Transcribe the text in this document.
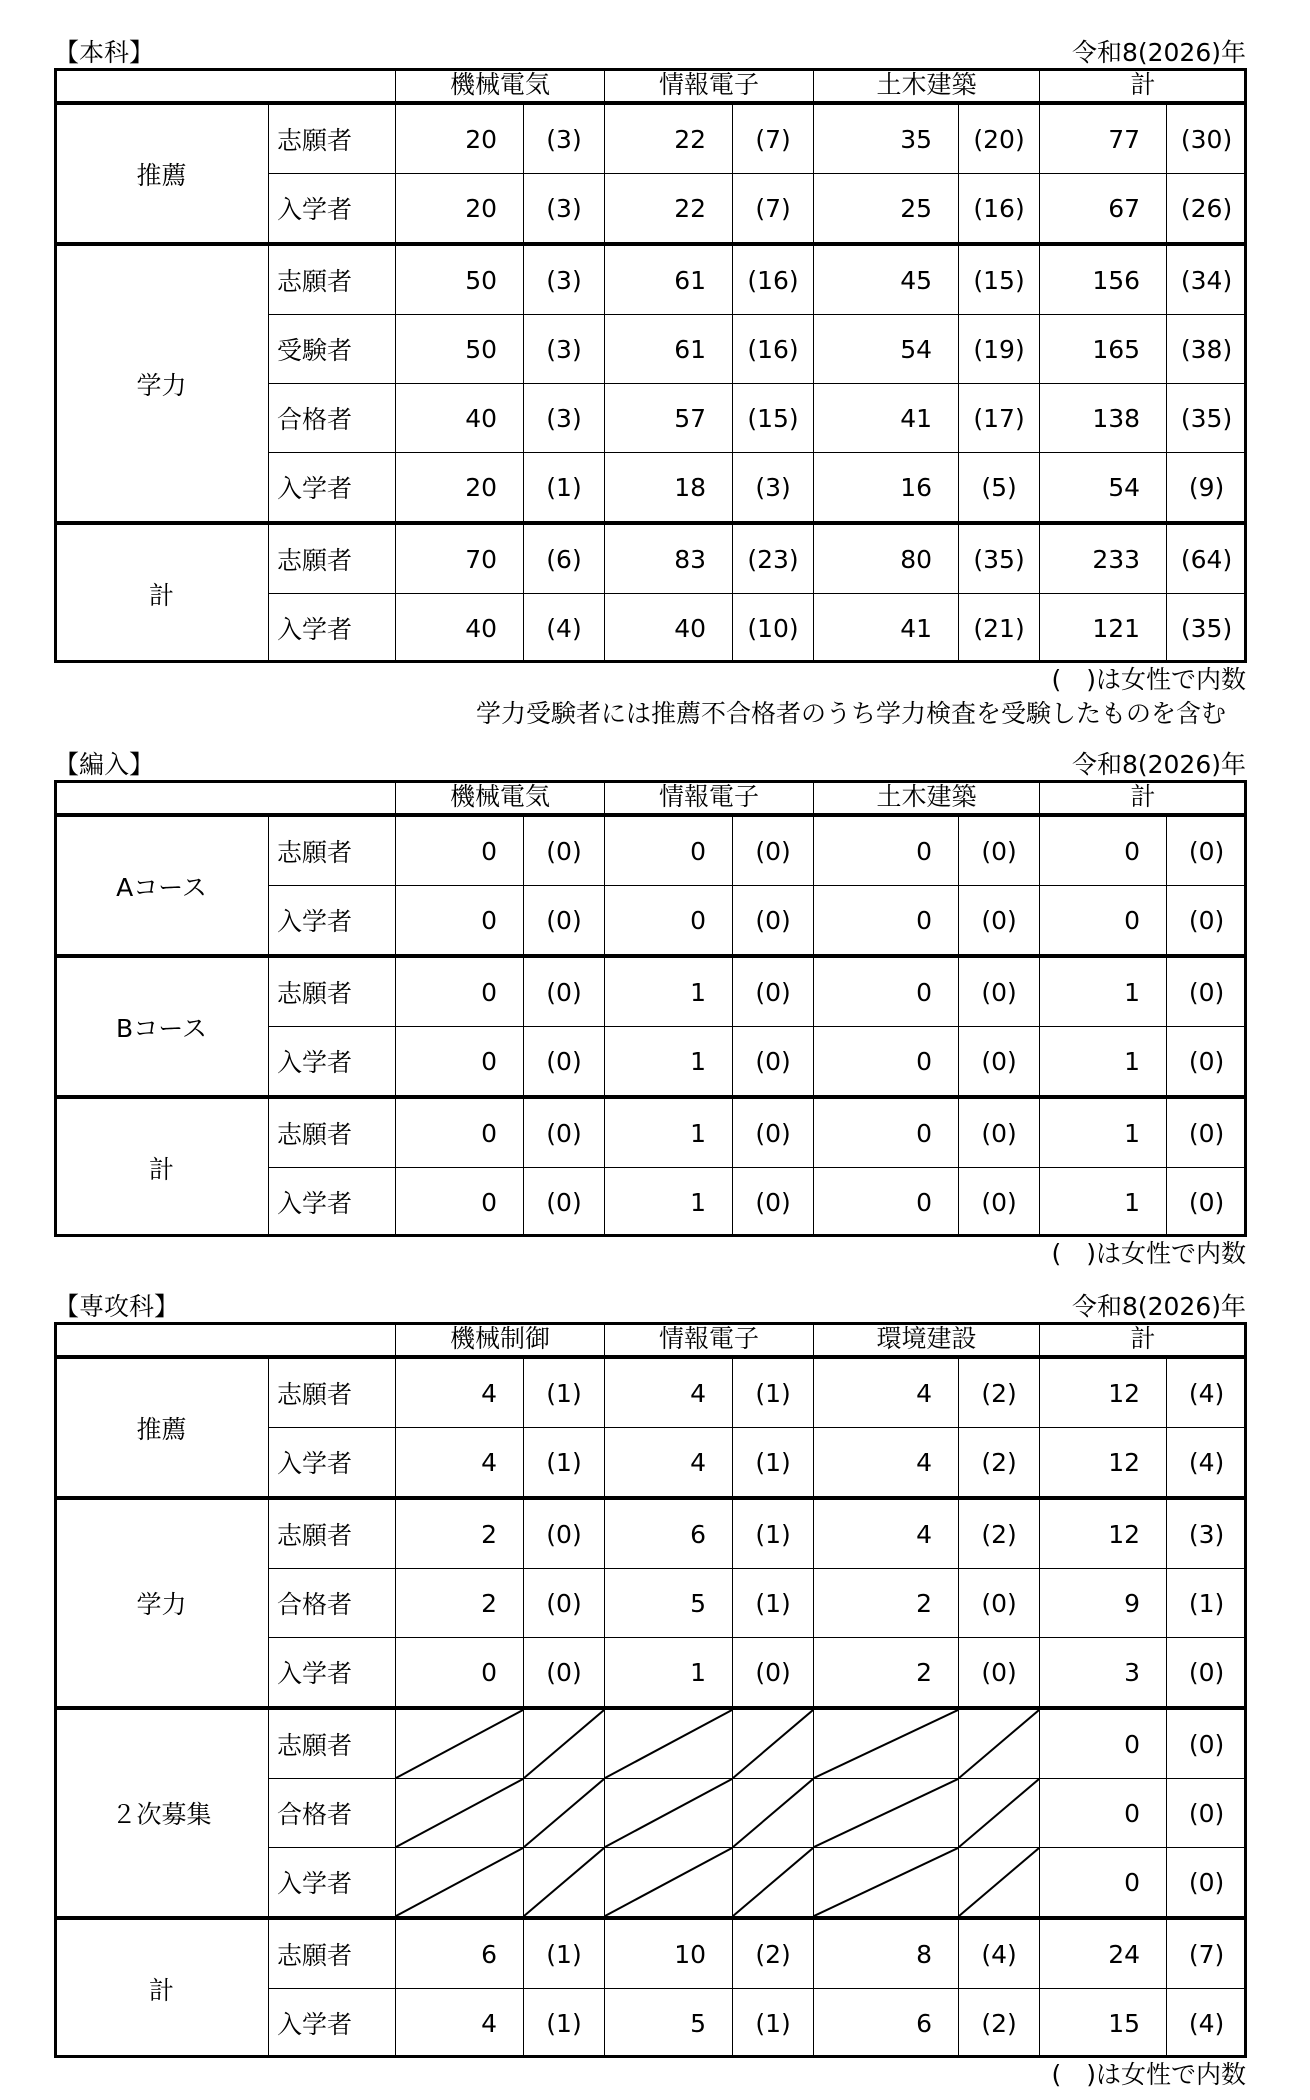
【本科】	令和8(2026)年
		機械電気		情報電子		土木建築		計	
推薦	志願者	20	(3)	22	(7)	35	(20)	77	(30)
	入学者	20	(3)	22	(7)	25	(16)	67	(26)
学力	志願者	50	(3)	61	(16)	45	(15)	156	(34)
	受験者	50	(3)	61	(16)	54	(19)	165	(38)
	合格者	40	(3)	57	(15)	41	(17)	138	(35)
	入学者	20	(1)	18	(3)	16	(5)	54	(9)
計	志願者	70	(6)	83	(23)	80	(35)	233	(64)
	入学者	40	(4)	40	(10)	41	(21)	121	(35)
(　)は女性で内数
学力受験者には推薦不合格者のうち学力検査を受験したものを含む
【編入】	令和8(2026)年
		機械電気		情報電子		土木建築		計	
Aコース	志願者	0	(0)	0	(0)	0	(0)	0	(0)
	入学者	0	(0)	0	(0)	0	(0)	0	(0)
Bコース	志願者	0	(0)	1	(0)	0	(0)	1	(0)
	入学者	0	(0)	1	(0)	0	(0)	1	(0)
計	志願者	0	(0)	1	(0)	0	(0)	1	(0)
	入学者	0	(0)	1	(0)	0	(0)	1	(0)
(　)は女性で内数
【専攻科】	令和8(2026)年
		機械制御		情報電子		環境建設		計	
推薦	志願者	4	(1)	4	(1)	4	(2)	12	(4)
	入学者	4	(1)	4	(1)	4	(2)	12	(4)
学力	志願者	2	(0)	6	(1)	4	(2)	12	(3)
	合格者	2	(0)	5	(1)	2	(0)	9	(1)
	入学者	0	(0)	1	(0)	2	(0)	3	(0)
２次募集	志願者							0	(0)
	合格者							0	(0)
	入学者							0	(0)
計	志願者	6	(1)	10	(2)	8	(4)	24	(7)
	入学者	4	(1)	5	(1)	6	(2)	15	(4)
(　)は女性で内数
